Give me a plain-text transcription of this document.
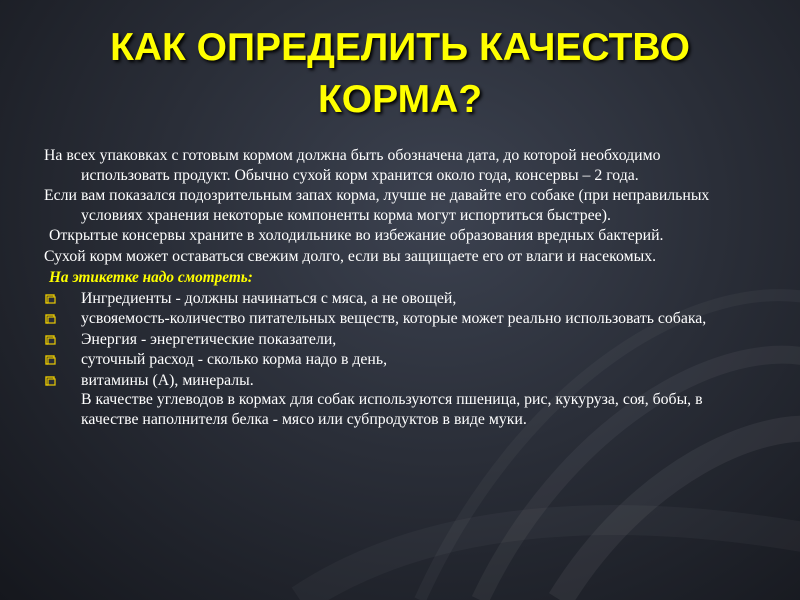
КАК ОПРЕДЕЛИТЬ КАЧЕСТВО
КОРМА?

На всех упаковках с готовым кормом должна быть обозначена дата, до которой необходимо использовать продукт. Обычно сухой корм хранится около года, консервы – 2 года.

Если вам показался подозрительным запах корма, лучше не давайте его собаке (при неправильных условиях хранения некоторые компоненты корма могут испортиться быстрее).

Открытые консервы храните в холодильнике во избежание образования вредных бактерий.

Сухой корм может оставаться свежим долго, если вы защищаете его от влаги и насекомых.

На этикетке надо смотреть:
Ингредиенты - должны начинаться с мяса, а не овощей,
усвояемость-количество питательных веществ, которые может реально использовать собака,
Энергия - энергетические показатели,
суточный расход - сколько корма надо в день,
витамины (А), минералы.
В качестве углеводов в кормах для собак используются пшеница, рис, кукуруза, соя, бобы, в качестве наполнителя белка - мясо или субпродуктов в виде муки.
